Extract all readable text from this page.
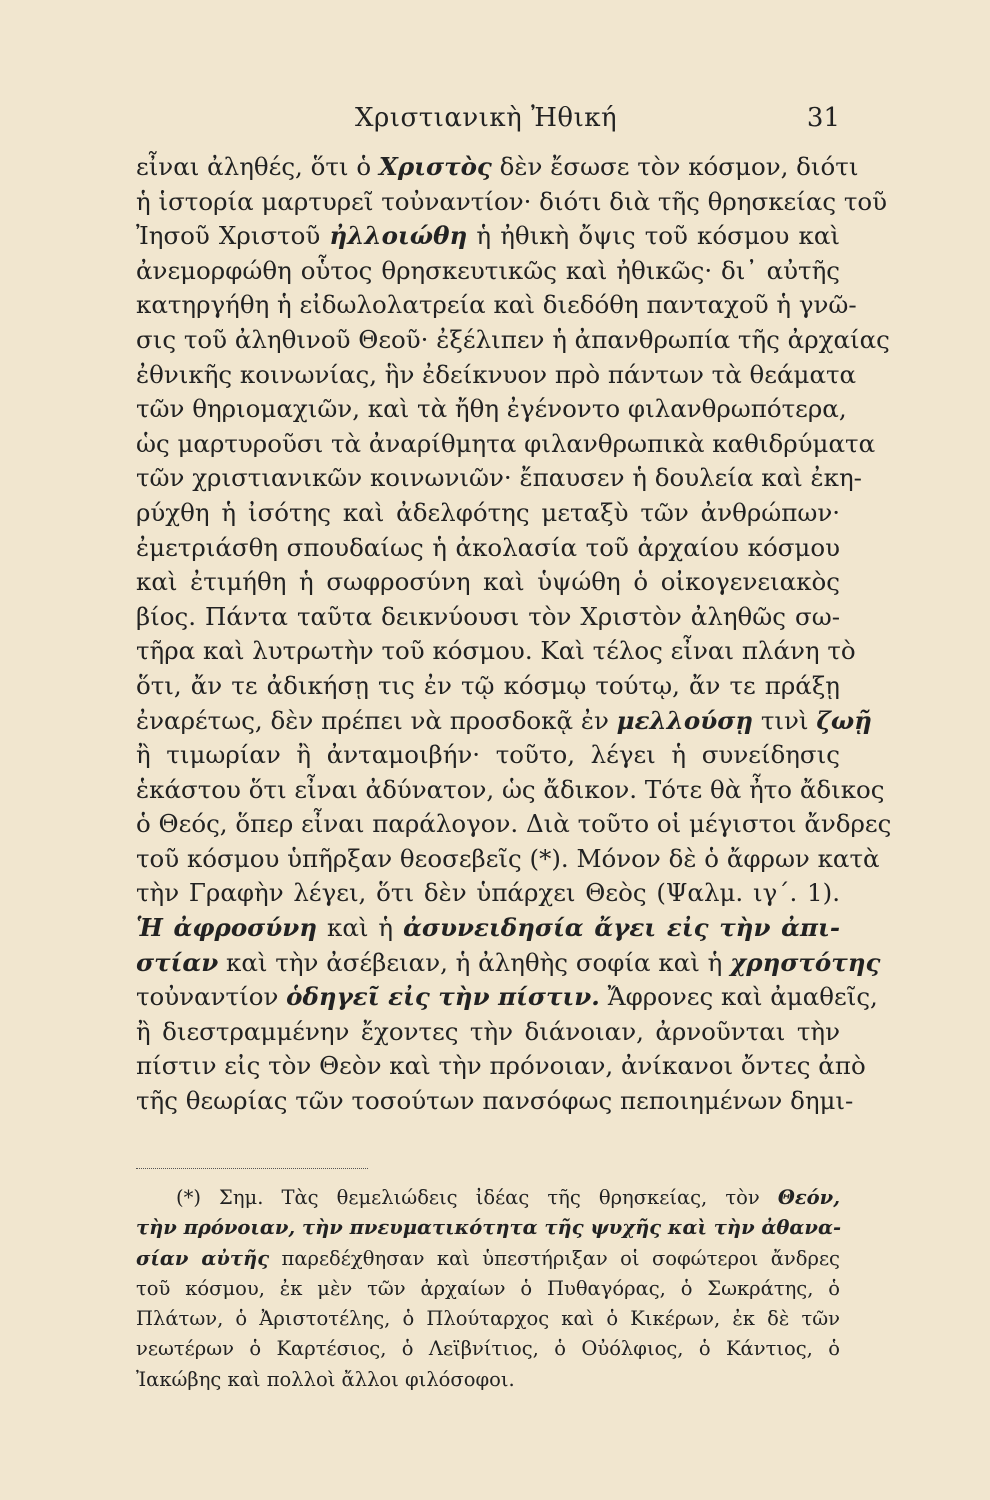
Χριστιανικὴ Ἠθική	31
εἶναι ἀληθές, ὅτι ὁ Χριστὸς δὲν ἔσωσε τὸν κόσμον, διότι
ἡ ἱστορία μαρτυρεῖ τοὐναντίον· διότι διὰ τῆς θρησκείας τοῦ
Ἰησοῦ Χριστοῦ ἠλλοιώθη ἡ ἠθικὴ ὄψις τοῦ κόσμου καὶ
ἀνεμορφώθη οὗτος θρησκευτικῶς καὶ ἠθικῶς· δι᾽ αὐτῆς
κατηργήθη ἡ εἰδωλολατρεία καὶ διεδόθη πανταχοῦ ἡ γνῶ-
σις τοῦ ἀληθινοῦ Θεοῦ· ἐξέλιπεν ἡ ἀπανθρωπία τῆς ἀρχαίας
ἐθνικῆς κοινωνίας, ἣν ἐδείκνυον πρὸ πάντων τὰ θεάματα
τῶν θηριομαχιῶν, καὶ τὰ ἤθη ἐγένοντο φιλανθρωπότερα,
ὡς μαρτυροῦσι τὰ ἀναρίθμητα φιλανθρωπικὰ καθιδρύματα
τῶν χριστιανικῶν κοινωνιῶν· ἔπαυσεν ἡ δουλεία καὶ ἐκη-
ρύχθη ἡ ἰσότης καὶ ἀδελφότης μεταξὺ τῶν ἀνθρώπων·
ἐμετριάσθη σπουδαίως ἡ ἀκολασία τοῦ ἀρχαίου κόσμου
καὶ ἐτιμήθη ἡ σωφροσύνη καὶ ὑψώθη ὁ οἰκογενειακὸς
βίος. Πάντα ταῦτα δεικνύουσι τὸν Χριστὸν ἀληθῶς σω-
τῆρα καὶ λυτρωτὴν τοῦ κόσμου. Καὶ τέλος εἶναι πλάνη τὸ
ὅτι, ἄν τε ἀδικήσῃ τις ἐν τῷ κόσμῳ τούτῳ, ἄν τε πράξῃ
ἐναρέτως, δὲν πρέπει νὰ προσδοκᾷ ἐν μελλούσῃ τινὶ ζωῇ
ἢ τιμωρίαν ἢ ἀνταμοιβήν· τοῦτο, λέγει ἡ συνείδησις
ἑκάστου ὅτι εἶναι ἀδύνατον, ὡς ἄδικον. Τότε θὰ ἦτο ἄδικος
ὁ Θεός, ὅπερ εἶναι παράλογον. Διὰ τοῦτο οἱ μέγιστοι ἄνδρες
τοῦ κόσμου ὑπῆρξαν θεοσεβεῖς (*). Μόνον δὲ ὁ ἄφρων κατὰ
τὴν Γραφὴν λέγει, ὅτι δὲν ὑπάρχει Θεὸς (Ψαλμ. ιγ΄. 1).
Ἡ ἀφροσύνη καὶ ἡ ἀσυνειδησία ἄγει εἰς τὴν ἀπι-
στίαν καὶ τὴν ἀσέβειαν, ἡ ἀληθὴς σοφία καὶ ἡ χρηστότης
τοὐναντίον ὁδηγεῖ εἰς τὴν πίστιν. Ἄφρονες καὶ ἀμαθεῖς,
ἢ διεστραμμένην ἔχοντες τὴν διάνοιαν, ἀρνοῦνται τὴν
πίστιν εἰς τὸν Θεὸν καὶ τὴν πρόνοιαν, ἀνίκανοι ὄντες ἀπὸ
τῆς θεωρίας τῶν τοσούτων πανσόφως πεποιημένων δημι-
(*) Σημ. Τὰς θεμελιώδεις ἰδέας τῆς θρησκείας, τὸν Θεόν,
τὴν πρόνοιαν, τὴν πνευματικότητα τῆς ψυχῆς καὶ τὴν ἀθανα-
σίαν αὐτῆς παρεδέχθησαν καὶ ὑπεστήριξαν οἱ σοφώτεροι ἄνδρες
τοῦ κόσμου, ἐκ μὲν τῶν ἀρχαίων ὁ Πυθαγόρας, ὁ Σωκράτης, ὁ
Πλάτων, ὁ Ἀριστοτέλης, ὁ Πλούταρχος καὶ ὁ Κικέρων, ἐκ δὲ τῶν
νεωτέρων ὁ Καρτέσιος, ὁ Λεϊβνίτιος, ὁ Οὐόλφιος, ὁ Κάντιος, ὁ
Ἰακώβης καὶ πολλοὶ ἄλλοι φιλόσοφοι.
